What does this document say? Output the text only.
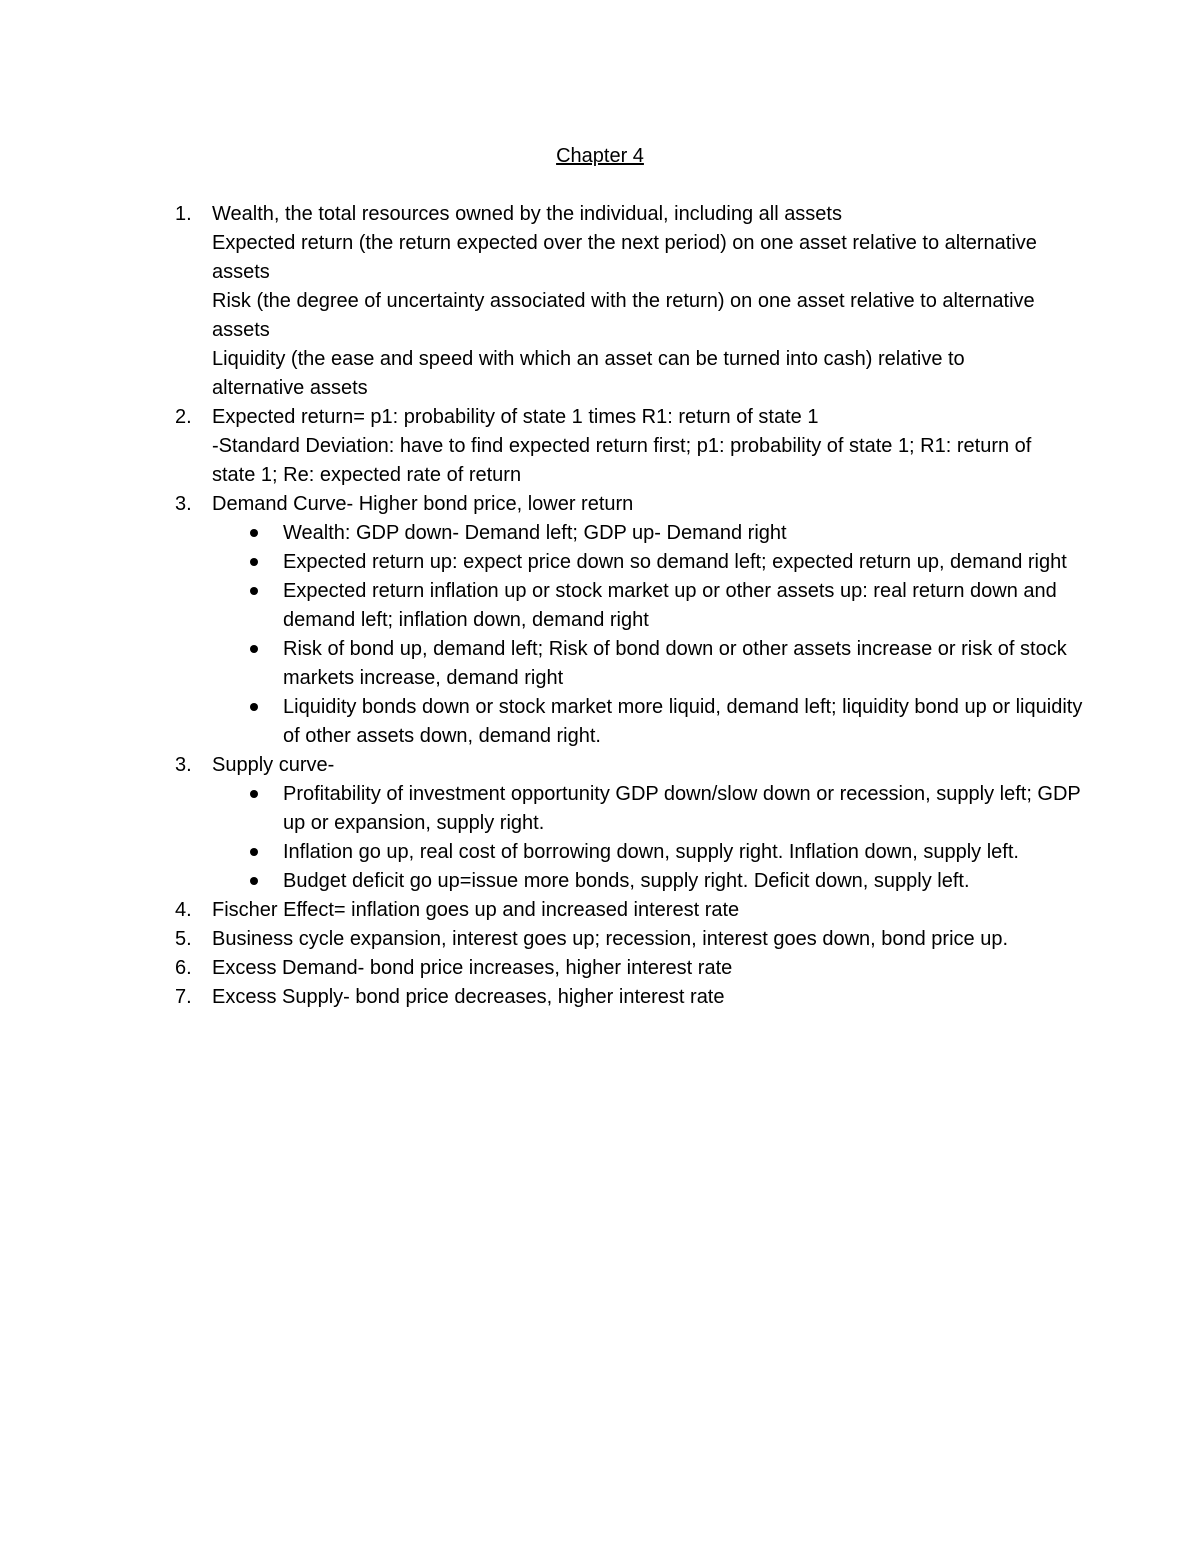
Chapter 4
1.	Wealth, the total resources owned by the individual, including all assets
Expected return (the return expected over the next period) on one asset relative to alternative assets
Risk (the degree of uncertainty associated with the return) on one asset relative to alternative assets
Liquidity (the ease and speed with which an asset can be turned into cash) relative to alternative assets
2.	Expected return= p1: probability of state 1 times R1: return of state 1
-Standard Deviation: have to find expected return first; p1: probability of state 1; R1: return of state 1; Re: expected rate of return
3.	Demand Curve- Higher bond price, lower return
Wealth: GDP down- Demand left; GDP up- Demand right
Expected return up: expect price down so demand left; expected return up, demand right
Expected return inflation up or stock market up or other assets up: real return down and demand left; inflation down, demand right
Risk of bond up, demand left; Risk of bond down or other assets increase or risk of stock markets increase, demand right
Liquidity bonds down or stock market more liquid, demand left; liquidity bond up or liquidity of other assets down, demand right.
3.	Supply curve-
Profitability of investment opportunity GDP down/slow down or recession, supply left; GDP up or expansion, supply right.
Inflation go up, real cost of borrowing down, supply right. Inflation down, supply left.
Budget deficit go up=issue more bonds, supply right. Deficit down, supply left.
4.	Fischer Effect= inflation goes up and increased interest rate
5.	Business cycle expansion, interest goes up; recession, interest goes down, bond price up.
6.	Excess Demand- bond price increases, higher interest rate
7.	Excess Supply- bond price decreases, higher interest rate
